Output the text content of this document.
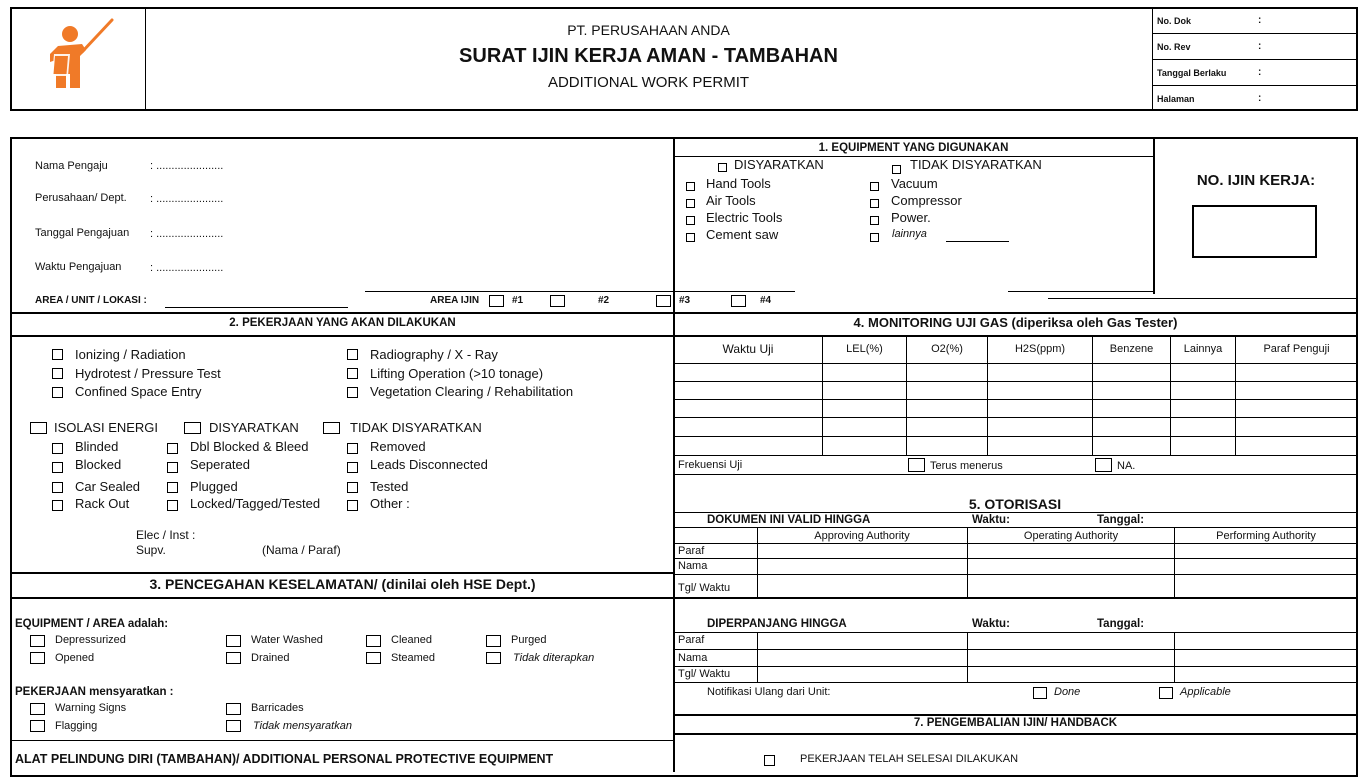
PT. PERUSAHAAN ANDA
SURAT IJIN KERJA AMAN - TAMBAHAN
ADDITIONAL WORK PERMIT
No. Dok	:
No. Rev	:
Tanggal Berlaku	:
Halaman	:
Nama Pengaju	: ......................
Perusahaan/ Dept. : ......................
Tanggal Pengajuan : ......................
Waktu Pengajuan	: ......................
AREA / UNIT / LOKASI :	AREA IJIN	#1	#2	#3	#4
1. EQUIPMENT YANG DIGUNAKAN
DISYARATKAN	TIDAK DISYARATKAN
Hand Tools
Air Tools
Electric Tools
Cement saw
Vacuum
Compressor
Power.
lainnya
NO. IJIN KERJA:
2. PEKERJAAN YANG AKAN DILAKUKAN
Ionizing / Radiation
Hydrotest / Pressure Test
Confined Space Entry
Radiography / X - Ray
Lifting Operation (>10 tonage)
Vegetation Clearing / Rehabilitation
ISOLASI ENERGI	DISYARATKAN	TIDAK DISYARATKAN
Blinded
Blocked
Car Sealed
Rack Out
Dbl Blocked & Bleed
Seperated
Plugged
Locked/Tagged/Tested
Removed
Leads Disconnected
Tested
Other :
Elec / Inst :
Supv.	(Nama / Paraf)
4. MONITORING UJI GAS (diperiksa oleh Gas Tester)
Waktu Uji	LEL(%)	O2(%)	H2S(ppm)	Benzene	Lainnya	Paraf Penguji
Frekuensi Uji	Terus menerus	NA.
5. OTORISASI
DOKUMEN INI VALID HINGGA	Waktu:	Tanggal:
Approving Authority	Operating Authority	Performing Authority
Paraf
Nama
Tgl/ Waktu
DIPERPANJANG HINGGA	Waktu:	Tanggal:
Paraf
Nama
Tgl/ Waktu
Notifikasi Ulang dari Unit:	Done	Applicable
7. PENGEMBALIAN IJIN/ HANDBACK
PEKERJAAN TELAH SELESAI DILAKUKAN
3. PENCEGAHAN KESELAMATAN/ (dinilai oleh HSE Dept.)
EQUIPMENT / AREA adalah:
Depressurized	Water Washed	Cleaned	Purged
Opened	Drained	Steamed	Tidak diterapkan
PEKERJAAN mensyaratkan :
Warning Signs	Barricades
Flagging	Tidak mensyaratkan
ALAT PELINDUNG DIRI (TAMBAHAN)/ ADDITIONAL PERSONAL PROTECTIVE EQUIPMENT
